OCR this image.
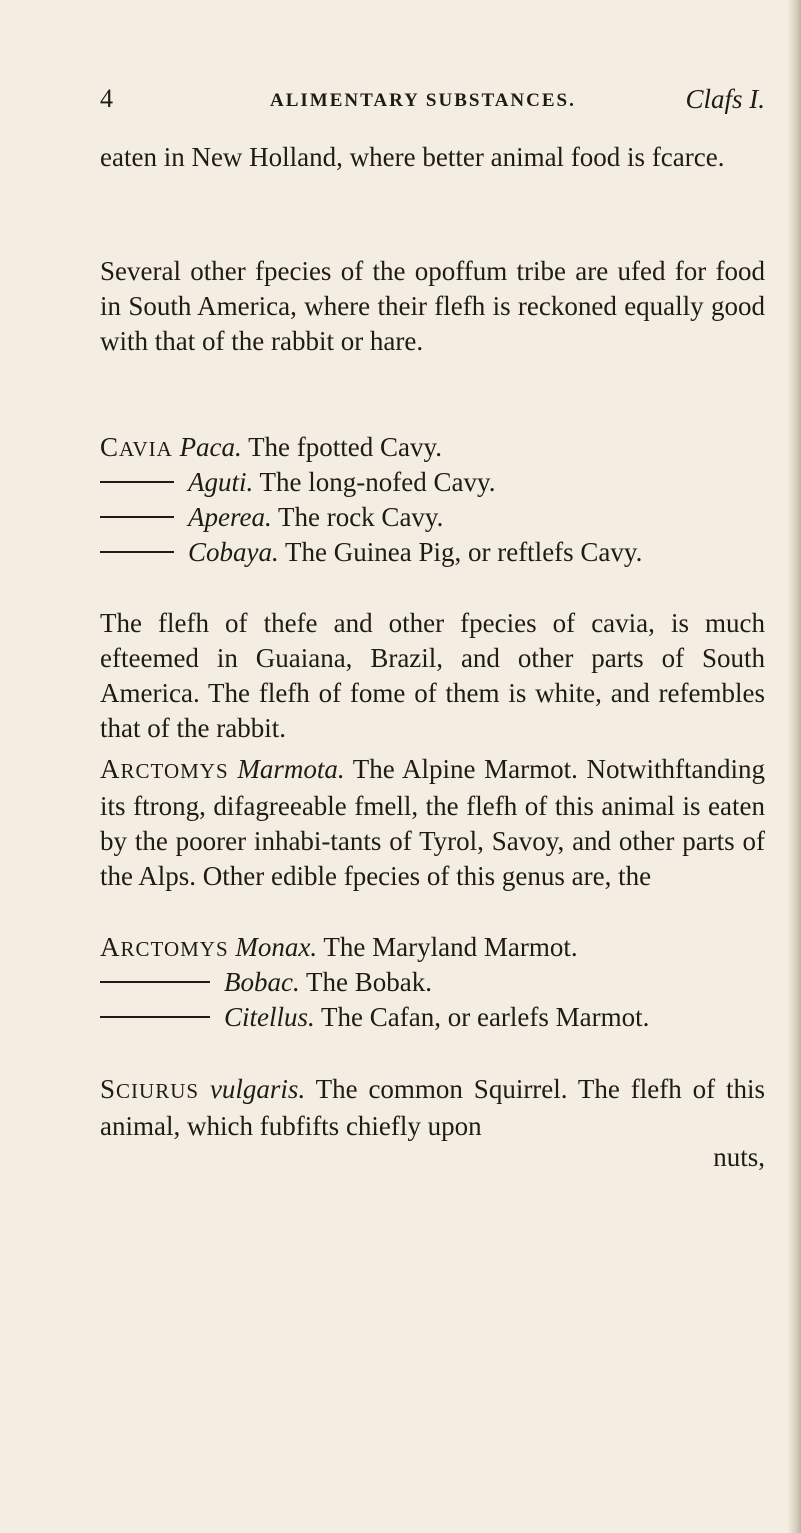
4	ALIMENTARY SUBSTANCES.	Clafs I.
eaten in New Holland, where better animal food is fcarce.
Several other fpecies of the opoffum tribe are ufed for food in South America, where their flefh is reckoned equally good with that of the rabbit or hare.
CAVIA Paca. The fpotted Cavy.
Aguti. The long-nofed Cavy.
Aperea. The rock Cavy.
Cobaya. The Guinea Pig, or reftlefs Cavy.
The flefh of thefe and other fpecies of cavia, is much efteemed in Guaiana, Brazil, and other parts of South America. The flefh of fome of them is white, and refembles that of the rabbit.
ARCTOMYS Marmota. The Alpine Marmot. Notwithftanding its ftrong, difagreeable fmell, the flefh of this animal is eaten by the poorer inhabi-tants of Tyrol, Savoy, and other parts of the Alps. Other edible fpecies of this genus are, the
ARCTOMYS Monax. The Maryland Marmot.
Bobac. The Bobak.
Citellus. The Cafan, or earlefs Marmot.
SCIURUS vulgaris. The common Squirrel. The flefh of this animal, which fubfifts chiefly upon
nuts,
